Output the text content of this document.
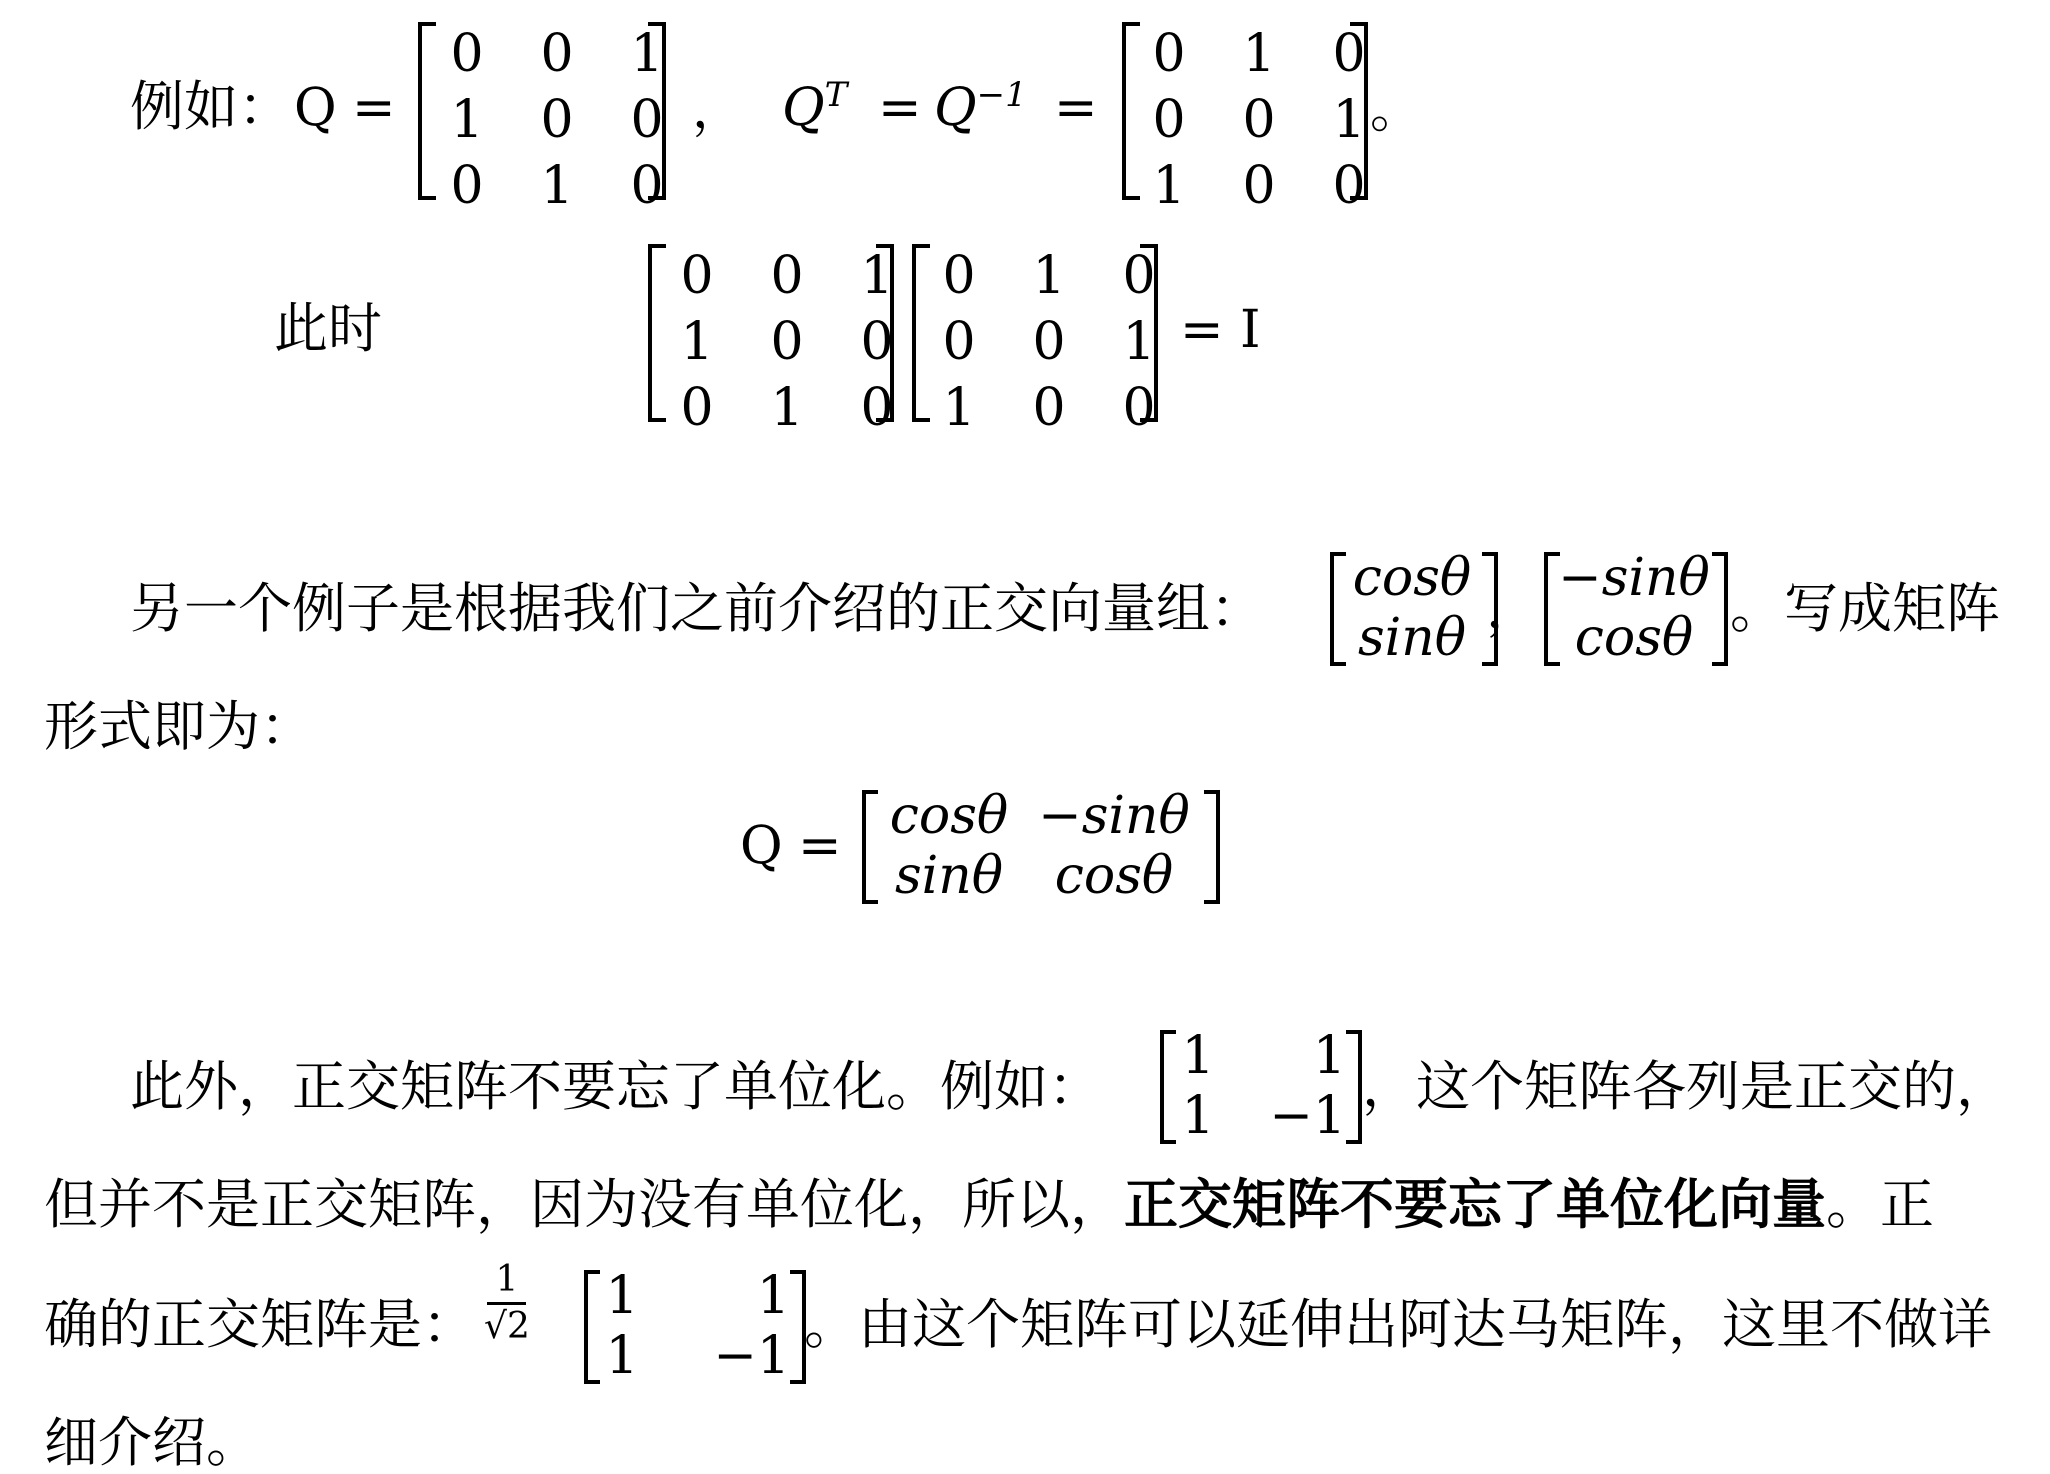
例如： Q =
0	0	1
1	0	0
0	1	0
， $Q^T = Q^{-1}$ =
0	1	0
0	0	1
1	0	0
。
此时
0	0	1
1	0	0
0	1	0
0	1	0
0	0	1
1	0	0
= I
另一个例子是根据我们之前介绍的正交向量组： cosθ
sinθ ， −sinθ
cosθ 。写成矩阵
形式即为：
Q = cosθ −sinθ
sinθ cosθ
此外，正交矩阵不要忘了单位化。例如： 1	1
1	−1 ，这个矩阵各列是正交的，
但并不是正交矩阵，因为没有单位化，所以，正交矩阵不要忘了单位化向量。正
确的正交矩阵是： $\frac{1}{√2} 1$	1
1	−1 。由这个矩阵可以延伸出阿达马矩阵，这里不做详
细介绍。
